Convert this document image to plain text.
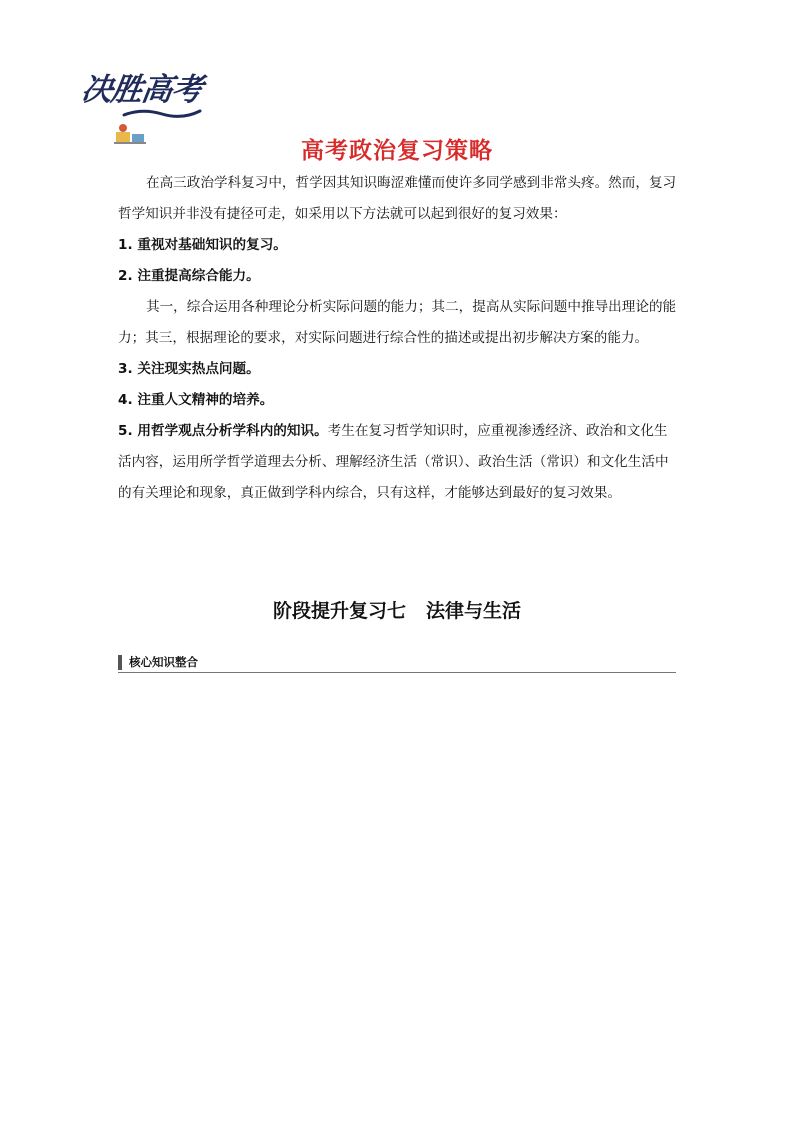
决胜高考
高考政治复习策略

在高三政治学科复习中，哲学因其知识晦涩难懂而使许多同学感到非常头疼。然而，复习哲学知识并非没有捷径可走，如采用以下方法就可以起到很好的复习效果：

1. 重视对基础知识的复习。

2. 注重提高综合能力。

其一，综合运用各种理论分析实际问题的能力；其二，提高从实际问题中推导出理论的能力；其三，根据理论的要求，对实际问题进行综合性的描述或提出初步解决方案的能力。

3. 关注现实热点问题。

4. 注重人文精神的培养。

5. 用哲学观点分析学科内的知识。考生在复习哲学知识时，应重视渗透经济、政治和文化生活内容，运用所学哲学道理去分析、理解经济生活（常识）、政治生活（常识）和文化生活中的有关理论和现象，真正做到学科内综合，只有这样，才能够达到最好的复习效果。

阶段提升复习七 法律与生活
核心知识整合
